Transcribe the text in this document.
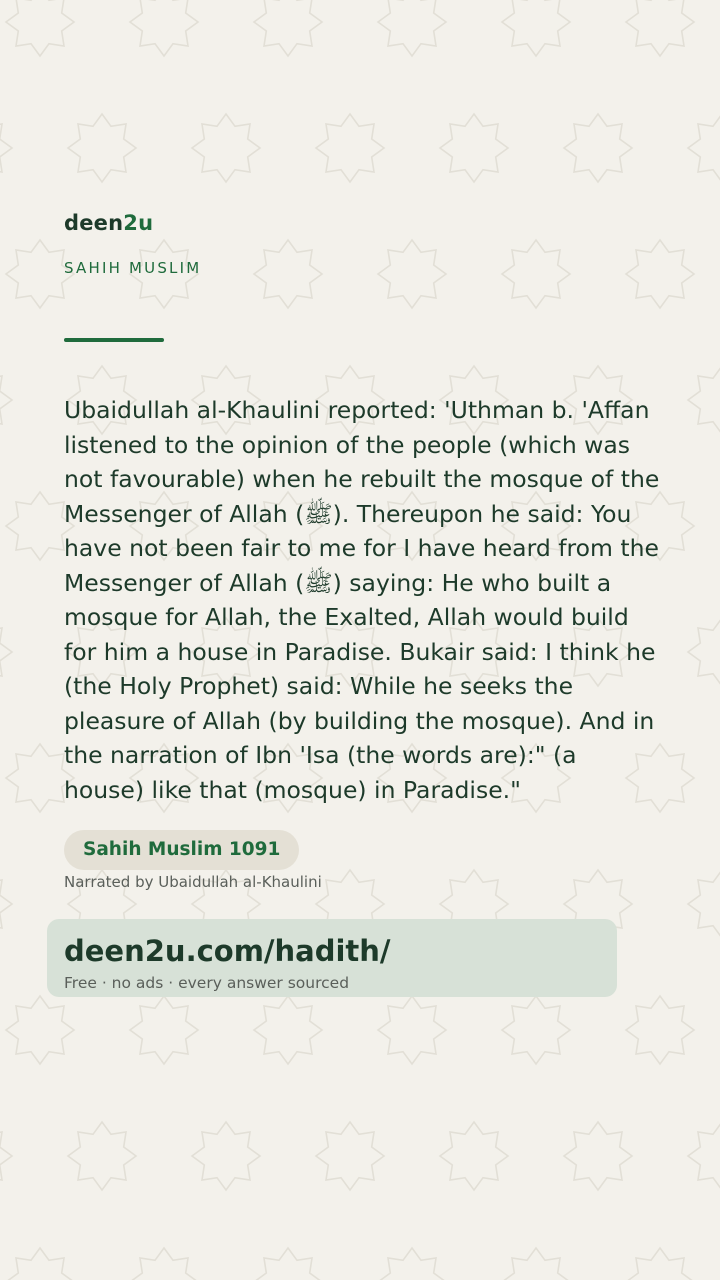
deen2u
SAHIH MUSLIM

Ubaidullah al-Khaulini reported: 'Uthman b. 'Affan listened to the opinion of the people (which was not favourable) when he rebuilt the mosque of the Messenger of Allah (ﷺ). Thereupon he said: You have not been fair to me for I have heard from the Messenger of Allah (ﷺ) saying: He who built a mosque for Allah, the Exalted, Allah would build for him a house in Paradise. Bukair said: I think he (the Holy Prophet) said: While he seeks the pleasure of Allah (by building the mosque). And in the narration of Ibn 'Isa (the words are):" (a house) like that (mosque) in Paradise."

Sahih Muslim 1091
Narrated by Ubaidullah al-Khaulini
deen2u.com/hadith/
Free · no ads · every answer sourced
